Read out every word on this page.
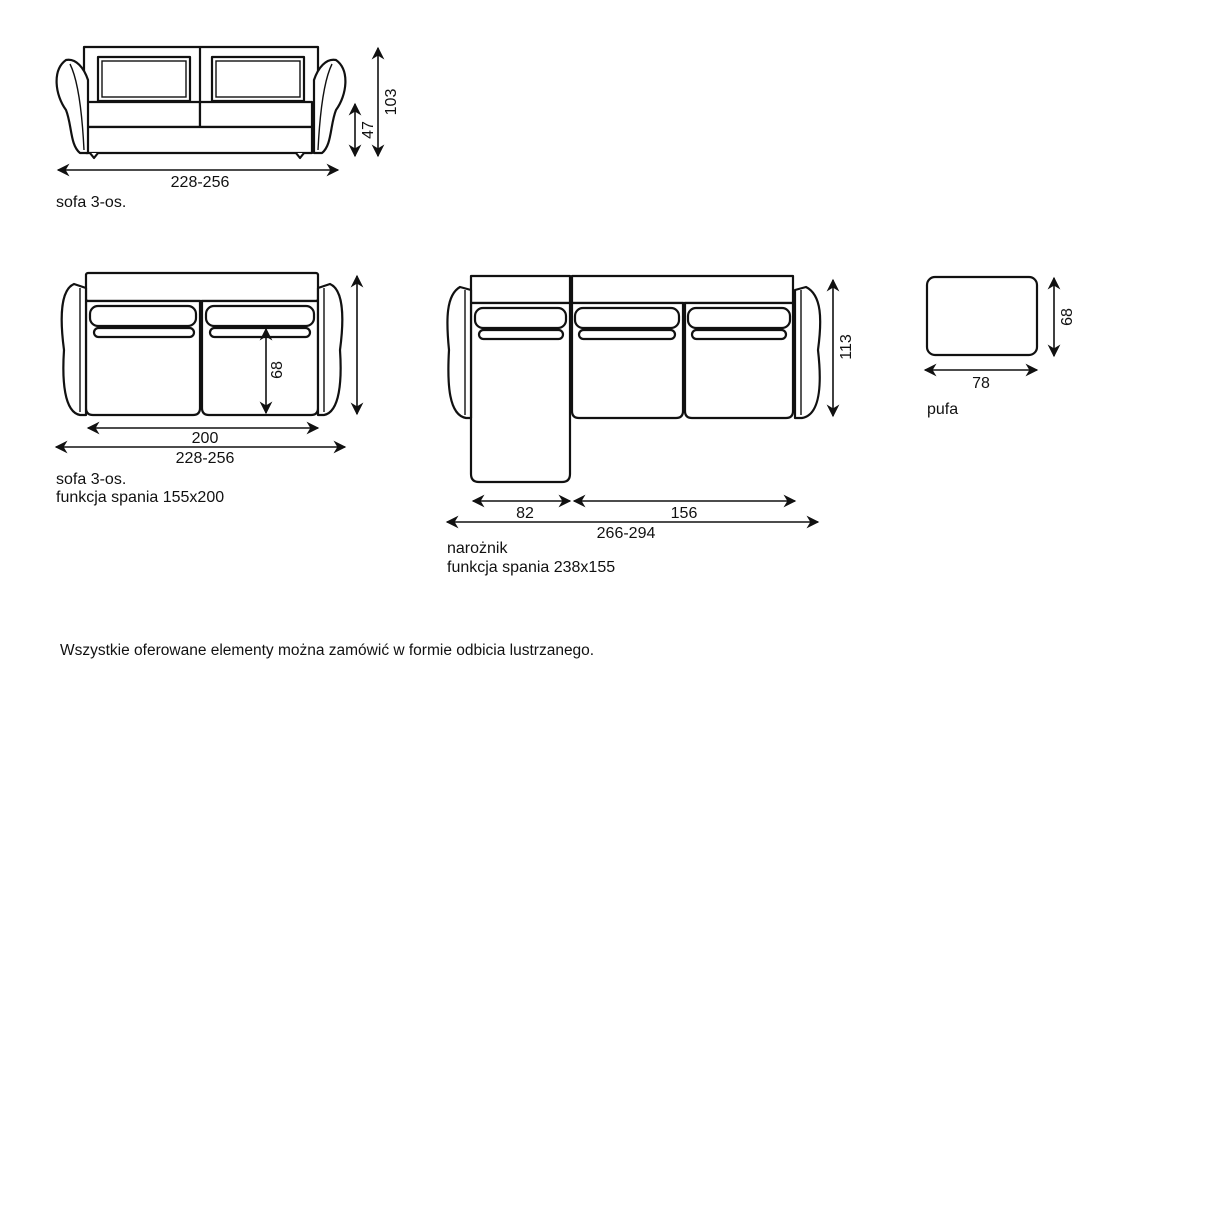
228-256
47
103
sofa 3-os.
68
200
228-256
sofa 3-os.
funkcja spania 155x200
113
82	156
266-294
narożnik
funkcja spania 238x155
68
78
pufa
Wszystkie oferowane elementy można zamówić w formie odbicia lustrzanego.
